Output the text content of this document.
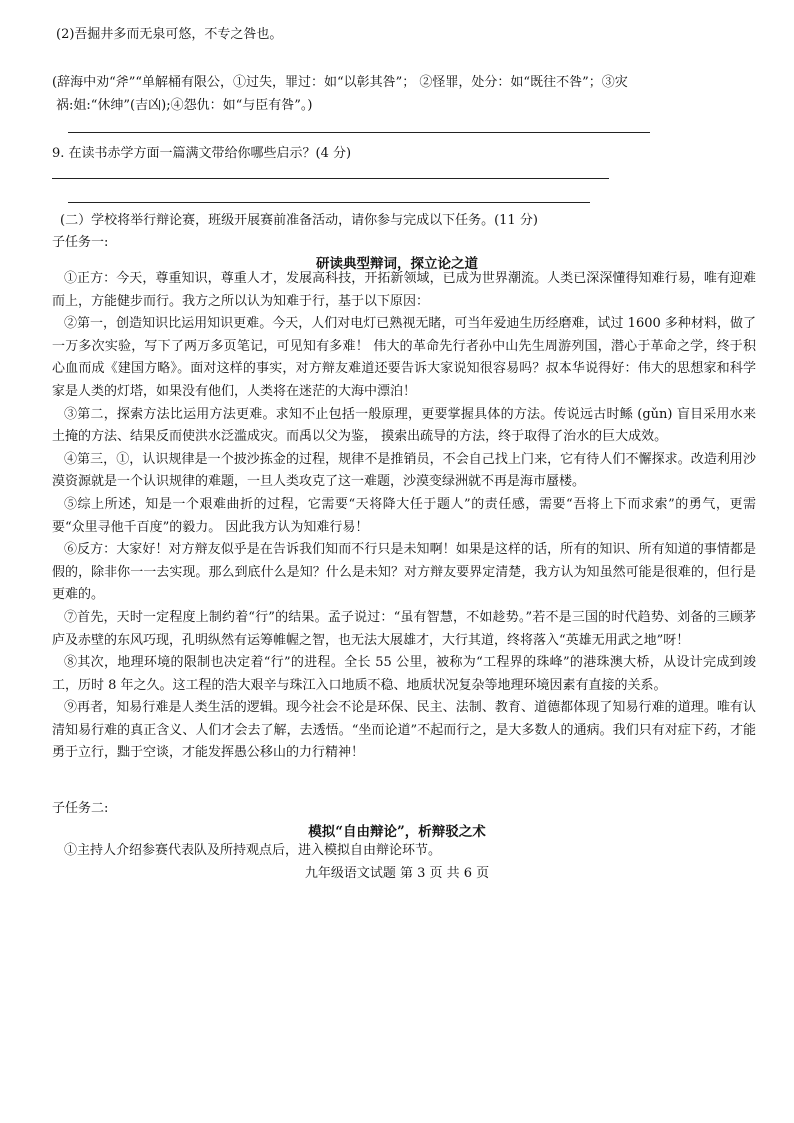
(2)吾掘井多而无泉可悠，不专之咎也。
(辞海中劝“斧”“单解桶有限公，①过失，罪过：如“以彰其咎”； ②怪罪，处分：如“既往不咎”；③灾
祸:姐:“休绅”(吉凶);④怨仇：如“与臣有咎”。)
9. 在读书赤学方面一篇满文带给你哪些启示？(4 分)
(二）学校将举行辩论赛，班级开展赛前准备活动，请你参与完成以下任务。(11 分)
子任务一:
研读典型辩词，探立论之道

①正方：今天，尊重知识，尊重人才，发展高科技，开拓新领域，已成为世界潮流。人类已深深懂得知难行易，唯有迎难而上，方能健步而行。我方之所以认为知难于行，基于以下原因：

②第一，创造知识比运用知识更难。今天，人们对电灯已熟视无睹，可当年爱迪生历经磨难，试过 1600 多种材料，做了一万多次实验，写下了两万多页笔记，可见知有多难！ 伟大的革命先行者孙中山先生周游列国，潜心于革命之学，终于积心血而成《建国方略》。面对这样的事实，对方辩友难道还要告诉大家说知很容易吗？叔本华说得好：伟大的思想家和科学家是人类的灯塔，如果没有他们，人类将在迷茫的大海中漂泊！

③第二，探索方法比运用方法更难。求知不止包括一般原理，更要掌握具体的方法。传说远古时鲧 (gǔn) 盲目采用水来土掩的方法、结果反而使洪水泛滥成灾。而禹以父为鉴， 摸索出疏导的方法，终于取得了治水的巨大成效。

④第三，①，认识规律是一个披沙拣金的过程，规律不是推销员，不会自己找上门来，它有待人们不懈探求。改造利用沙漠资源就是一个认识规律的难题，一旦人类攻克了这一难题，沙漠变绿洲就不再是海市蜃楼。

⑤综上所述，知是一个艰难曲折的过程，它需要“天将降大任于题人”的责任感，需要“吾将上下而求索”的勇气，更需要“众里寻他千百度”的毅力。 因此我方认为知难行易！

⑥反方：大家好！对方辩友似乎是在告诉我们知而不行只是未知啊！如果是这样的话，所有的知识、所有知道的事情都是假的，除非你一一去实现。那么到底什么是知？什么是未知？对方辩友要界定清楚，我方认为知虽然可能是很难的，但行是更难的。

⑦首先，天时一定程度上制约着“行”的结果。孟子说过：“虽有智慧，不如趁势。”若不是三国的时代趋势、刘备的三顾茅庐及赤壁的东风巧现，孔明纵然有运筹帷幄之智，也无法大展雄才，大行其道，终将落入“英雄无用武之地”呀！

⑧其次，地理环境的限制也决定着“行”的进程。全长 55 公里，被称为“工程界的珠峰”的港珠澳大桥，从设计完成到竣工，历时 8 年之久。这工程的浩大艰辛与珠江入口地质不稳、地质状况复杂等地理环境因素有直接的关系。

⑨再者，知易行难是人类生活的逻辑。现今社会不论是环保、民主、法制、教育、道德都体现了知易行难的道理。唯有认清知易行难的真正含义、人们才会去了解，去透悟。“坐而论道”不起而行之，是大多数人的通病。我们只有对症下药，才能勇于立行，黜于空谈，才能发挥愚公移山的力行精神！

子任务二:
模拟“自由辩论”，析辩驳之术
①主持人介绍参赛代表队及所持观点后，进入模拟自由辩论环节。
九年级语文试题 第 3 页 共 6 页
